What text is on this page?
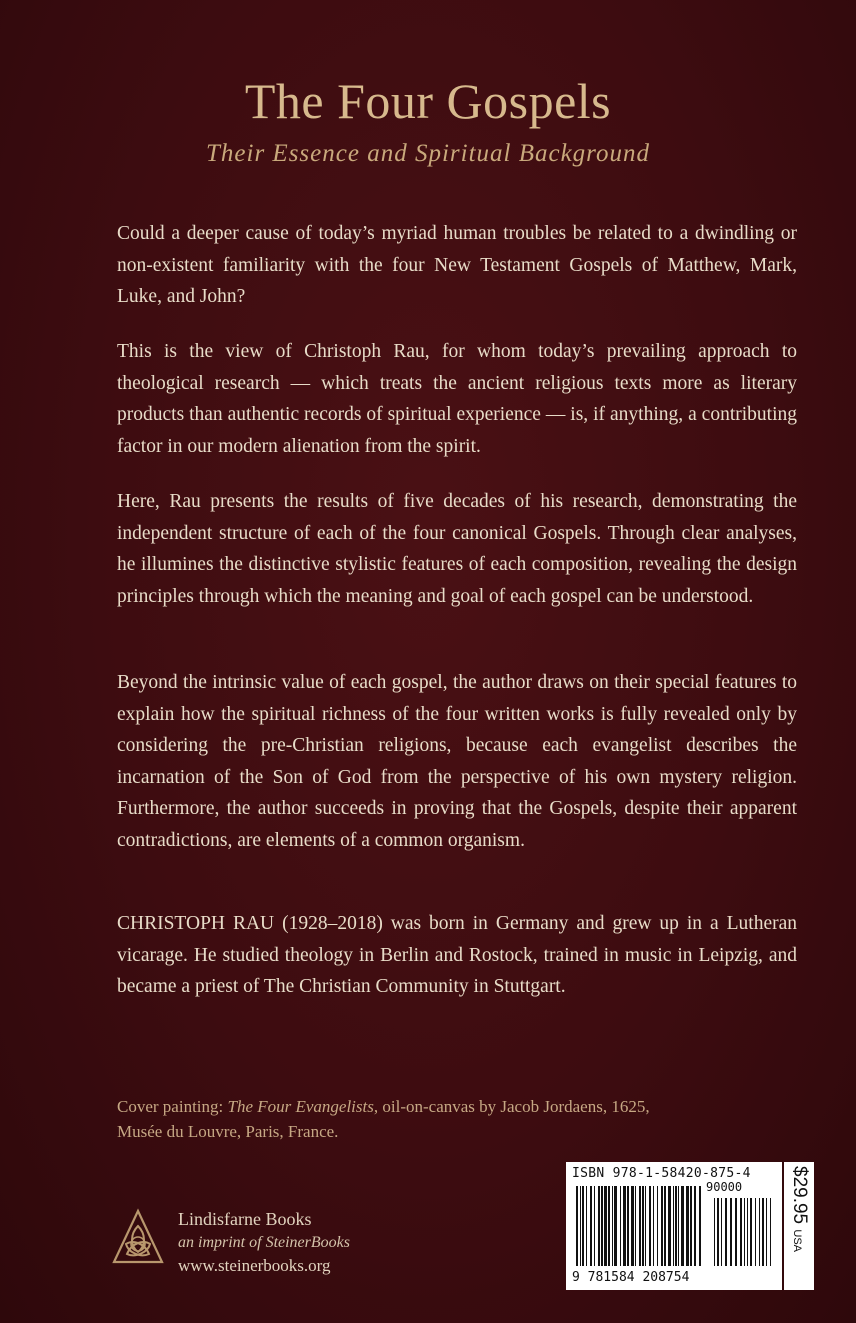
The Four Gospels
Their Essence and Spiritual Background
Could a deeper cause of today’s myriad human troubles be related to a dwindling or non-existent familiarity with the four New Testament Gospels of Matthew, Mark, Luke, and John?
This is the view of Christoph Rau, for whom today’s prevailing approach to theological research — which treats the ancient religious texts more as literary products than authentic records of spiritual experience — is, if anything, a contributing factor in our modern alienation from the spirit.
Here, Rau presents the results of five decades of his research, demonstrating the independent structure of each of the four canonical Gospels. Through clear analyses, he illumines the distinctive stylistic features of each composition, revealing the design principles through which the meaning and goal of each gospel can be understood.
Beyond the intrinsic value of each gospel, the author draws on their special features to explain how the spiritual richness of the four written works is fully revealed only by considering the pre-Christian religions, because each evangelist describes the incarnation of the Son of God from the perspective of his own mystery religion. Furthermore, the author succeeds in proving that the Gospels, despite their apparent contradictions, are elements of a common organism.
CHRISTOPH RAU (1928–2018) was born in Germany and grew up in a Lutheran vicarage. He studied theology in Berlin and Rostock, trained in music in Leipzig, and became a priest of The Christian Community in Stuttgart.
Cover painting: The Four Evangelists, oil-on-canvas by Jacob Jordaens, 1625,
Musée du Louvre, Paris, France.
Lindisfarne Books
an imprint of SteinerBooks
www.steinerbooks.org
ISBN 978-1-58420-875-4
90000
9 781584 208754
$29.95 USA
